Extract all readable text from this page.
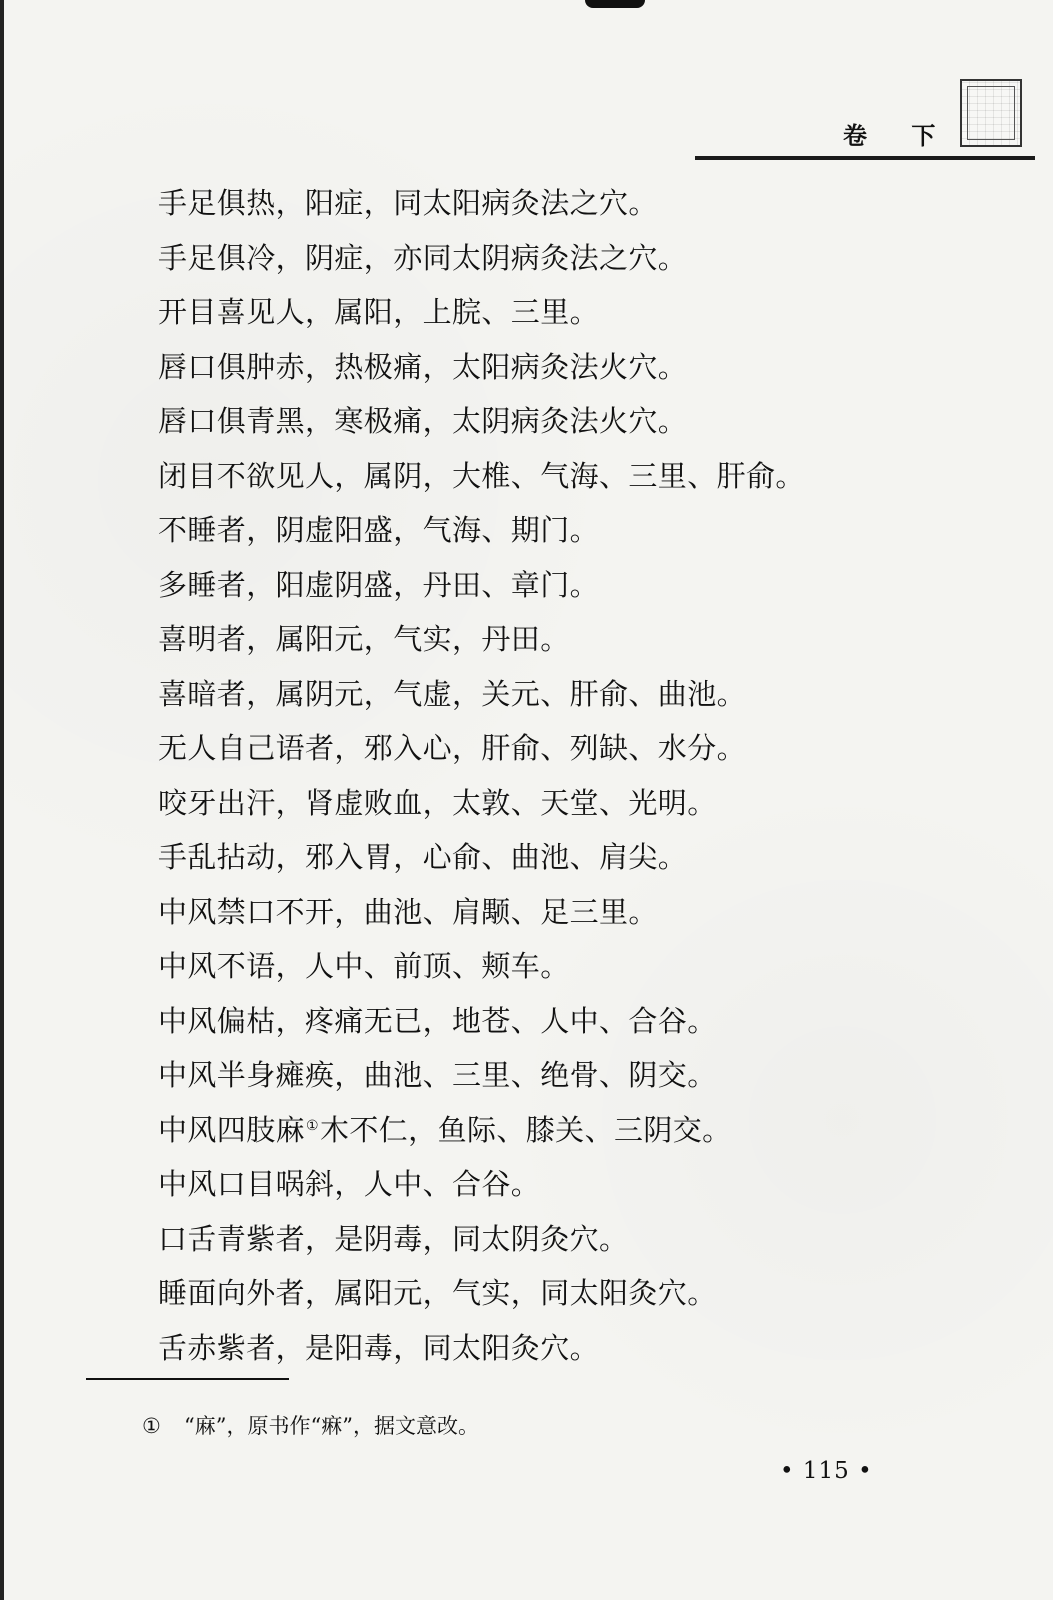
卷 下
手足俱热，阳症，同太阳病灸法之穴。
手足俱冷，阴症，亦同太阴病灸法之穴。
开目喜见人，属阳，上脘、三里。
唇口俱肿赤，热极痛，太阳病灸法火穴。
唇口俱青黑，寒极痛，太阴病灸法火穴。
闭目不欲见人，属阴，大椎、气海、三里、肝俞。
不睡者，阴虚阳盛，气海、期门。
多睡者，阳虚阴盛，丹田、章门。
喜明者，属阳元，气实，丹田。
喜暗者，属阴元，气虚，关元、肝俞、曲池。
无人自己语者，邪入心，肝俞、列缺、水分。
咬牙出汗，肾虚败血，太敦、天堂、光明。
手乱拈动，邪入胃，心俞、曲池、肩尖。
中风禁口不开，曲池、肩颙、足三里。
中风不语，人中、前顶、颊车。
中风偏枯，疼痛无已，地苍、人中、合谷。
中风半身瘫痪，曲池、三里、绝骨、阴交。
中风四肢麻①木不仁，鱼际、膝关、三阴交。
中风口目㖞斜，人中、合谷。
口舌青紫者，是阴毒，同太阴灸穴。
睡面向外者，属阳元，气实，同太阳灸穴。
舌赤紫者，是阳毒，同太阳灸穴。
① “麻”，原书作“痳”，据文意改。
• 115 •
